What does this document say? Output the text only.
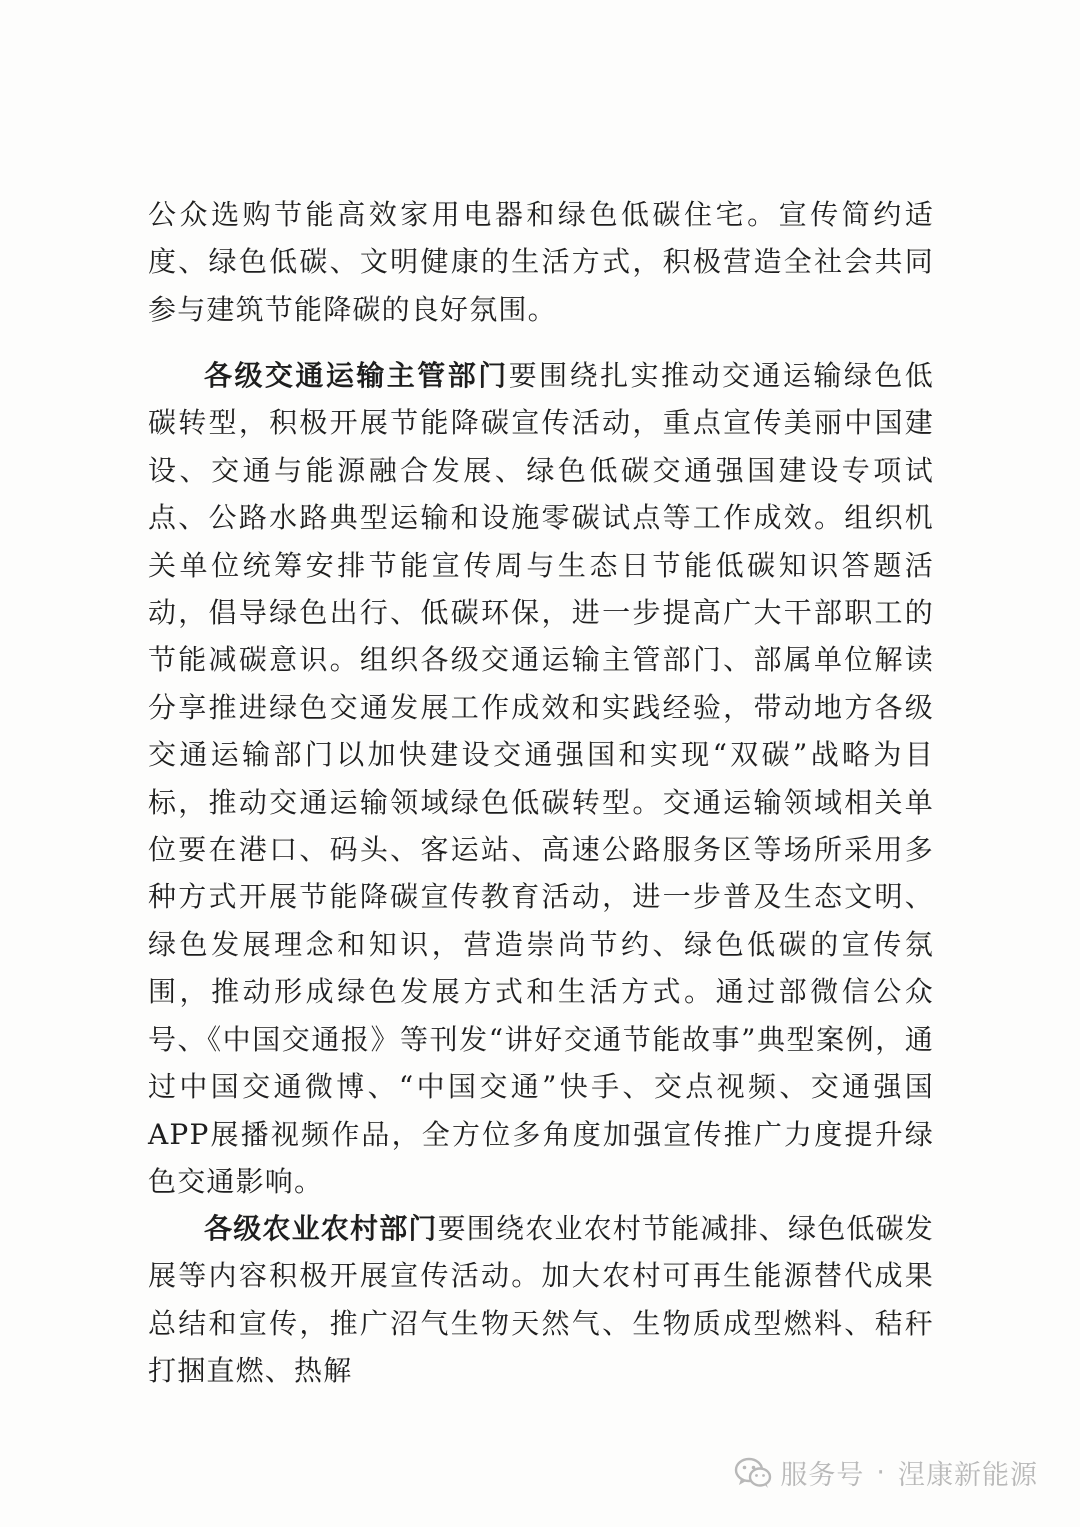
公众选购节能高效家用电器和绿色低碳住宅。宣传简约适度、绿色低碳、文明健康的生活方式，积极营造全社会共同参与建筑节能降碳的良好氛围。

各级交通运输主管部门要围绕扎实推动交通运输绿色低碳转型，积极开展节能降碳宣传活动，重点宣传美丽中国建设、交通与能源融合发展、绿色低碳交通强国建设专项试点、公路水路典型运输和设施零碳试点等工作成效。组织机关单位统筹安排节能宣传周与生态日节能低碳知识答题活动，倡导绿色出行、低碳环保，进一步提高广大干部职工的节能减碳意识。组织各级交通运输主管部门、部属单位解读分享推进绿色交通发展工作成效和实践经验，带动地方各级交通运输部门以加快建设交通强国和实现“双碳”战略为目标，推动交通运输领域绿色低碳转型。交通运输领域相关单位要在港口、码头、客运站、高速公路服务区等场所采用多种方式开展节能降碳宣传教育活动，进一步普及生态文明、绿色发展理念和知识，营造崇尚节约、绿色低碳的宣传氛围，推动形成绿色发展方式和生活方式。通过部微信公众号、《中国交通报》等刊发“讲好交通节能故事”典型案例，通过中国交通微博、“中国交通”快手、交点视频、交通强国APP展播视频作品，全方位多角度加强宣传推广力度提升绿色交通影响。

各级农业农村部门要围绕农业农村节能减排、绿色低碳发展等内容积极开展宣传活动。加大农村可再生能源替代成果总结和宣传，推广沼气生物天然气、生物质成型燃料、秸秆打捆直燃、热解

服务号 · 涅康新能源
